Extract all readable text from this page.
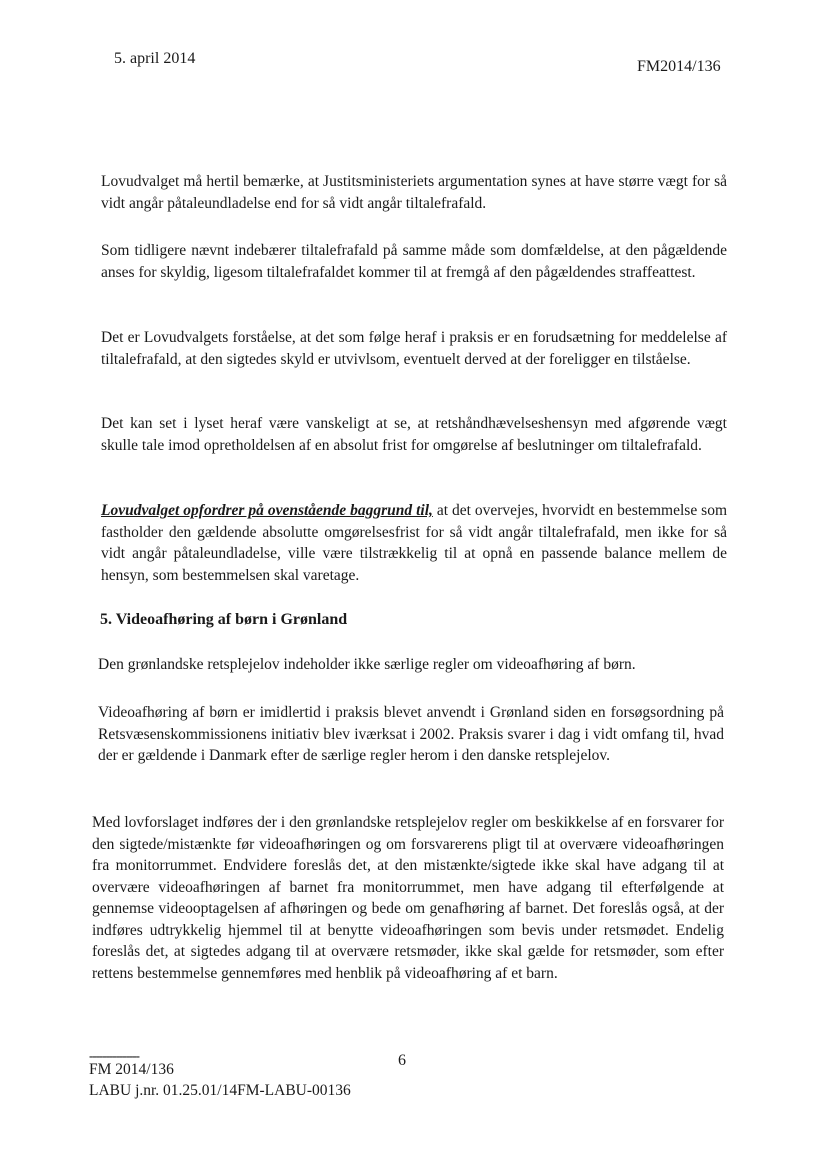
5. april 2014	FM2014/136

Lovudvalget må hertil bemærke, at Justitsministeriets argumentation synes at have større vægt for så vidt angår påtaleundladelse end for så vidt angår tiltalefrafald.

Som tidligere nævnt indebærer tiltalefrafald på samme måde som domfældelse, at den pågældende anses for skyldig, ligesom tiltalefrafaldet kommer til at fremgå af den pågældendes straffeattest.

Det er Lovudvalgets forståelse, at det som følge heraf i praksis er en forudsætning for meddelelse af tiltalefrafald, at den sigtedes skyld er utvivlsom, eventuelt derved at der foreligger en tilståelse.

Det kan set i lyset heraf være vanskeligt at se, at retshåndhævelseshensyn med afgørende vægt skulle tale imod opretholdelsen af en absolut frist for omgørelse af beslutninger om tiltalefrafald.

Lovudvalget opfordrer på ovenstående baggrund til, at det overvejes, hvorvidt en bestemmelse som fastholder den gældende absolutte omgørelsesfrist for så vidt angår tiltalefrafald, men ikke for så vidt angår påtaleundladelse, ville være tilstrækkelig til at opnå en passende balance mellem de hensyn, som bestemmelsen skal varetage.

5. Videoafhøring af børn i Grønland

Den grønlandske retsplejelov indeholder ikke særlige regler om videoafhøring af børn.

Videoafhøring af børn er imidlertid i praksis blevet anvendt i Grønland siden en forsøgsordning på Retsvæsenskommissionens initiativ blev iværksat i 2002. Praksis svarer i dag i vidt omfang til, hvad der er gældende i Danmark efter de særlige regler herom i den danske retsplejelov.

Med lovforslaget indføres der i den grønlandske retsplejelov regler om beskikkelse af en forsvarer for den sigtede/mistænkte før videoafhøringen og om forsvarerens pligt til at overvære videoafhøringen fra monitorrummet. Endvidere foreslås det, at den mistænkte/sigtede ikke skal have adgang til at overvære videoafhøringen af barnet fra monitorrummet, men have adgang til efterfølgende at gennemse videooptagelsen af afhøringen og bede om genafhøring af barnet. Det foreslås også, at der indføres udtrykkelig hjemmel til at benytte videoafhøringen som bevis under retsmødet. Endelig foreslås det, at sigtedes adgang til at overvære retsmøder, ikke skal gælde for retsmøder, som efter rettens bestemmelse gennemføres med henblik på videoafhøring af et barn.

---------------
FM 2014/136
LABU j.nr. 01.25.01/14FM-LABU-00136
6
